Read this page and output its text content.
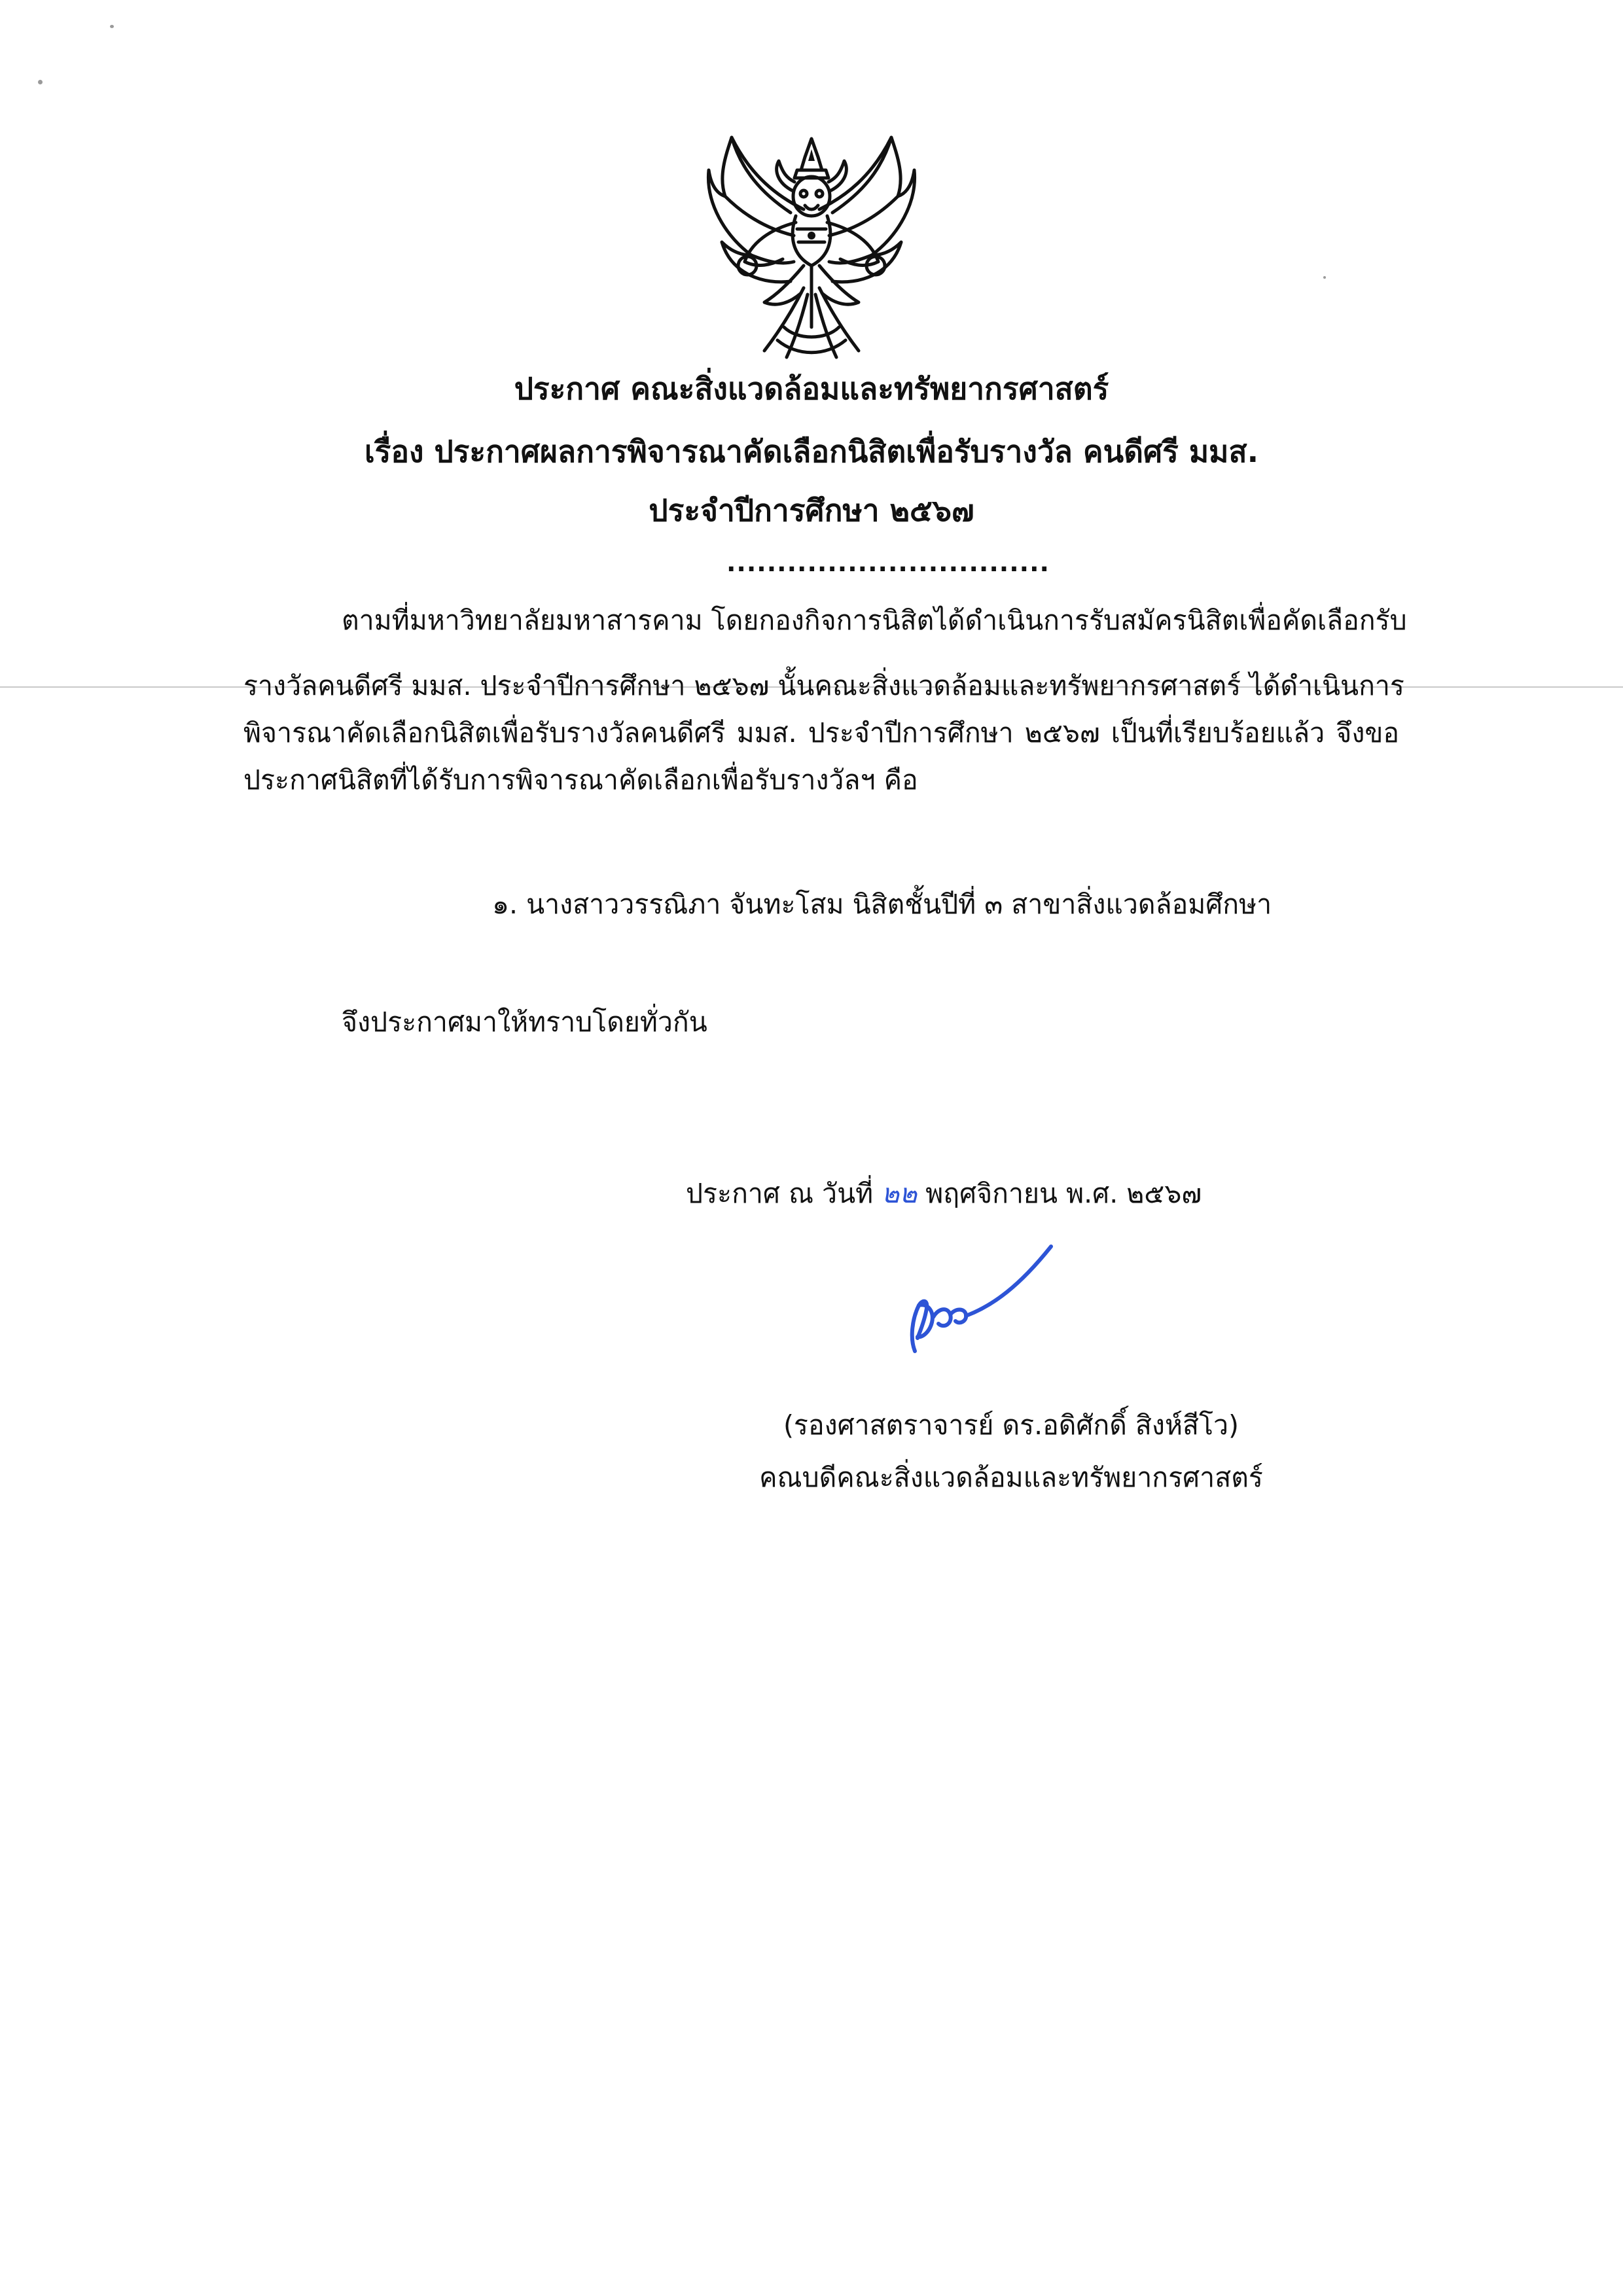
ประกาศ คณะสิ่งแวดล้อมและทรัพยากรศาสตร์
เรื่อง ประกาศผลการพิจารณาคัดเลือกนิสิตเพื่อรับรางวัล คนดีศรี มมส.
ประจำปีการศึกษา ๒๕๖๗
................................
ตามที่มหาวิทยาลัยมหาสารคาม โดยกองกิจการนิสิตได้ดำเนินการรับสมัครนิสิตเพื่อคัดเลือกรับ
รางวัลคนดีศรี มมส. ประจำปีการศึกษา ๒๕๖๗ นั้นคณะสิ่งแวดล้อมและทรัพยากรศาสตร์ ได้ดำเนินการ
พิจารณาคัดเลือกนิสิตเพื่อรับรางวัลคนดีศรี มมส. ประจำปีการศึกษา ๒๕๖๗ เป็นที่เรียบร้อยแล้ว จึงขอ
ประกาศนิสิตที่ได้รับการพิจารณาคัดเลือกเพื่อรับรางวัลฯ คือ
๑. นางสาววรรณิภา จันทะโสม นิสิตชั้นปีที่ ๓ สาขาสิ่งแวดล้อมศึกษา
จึงประกาศมาให้ทราบโดยทั่วกัน
ประกาศ ณ วันที่ ๒๒ พฤศจิกายน พ.ศ. ๒๕๖๗
(รองศาสตราจารย์ ดร.อดิศักดิ์ สิงห์สีโว)
คณบดีคณะสิ่งแวดล้อมและทรัพยากรศาสตร์
